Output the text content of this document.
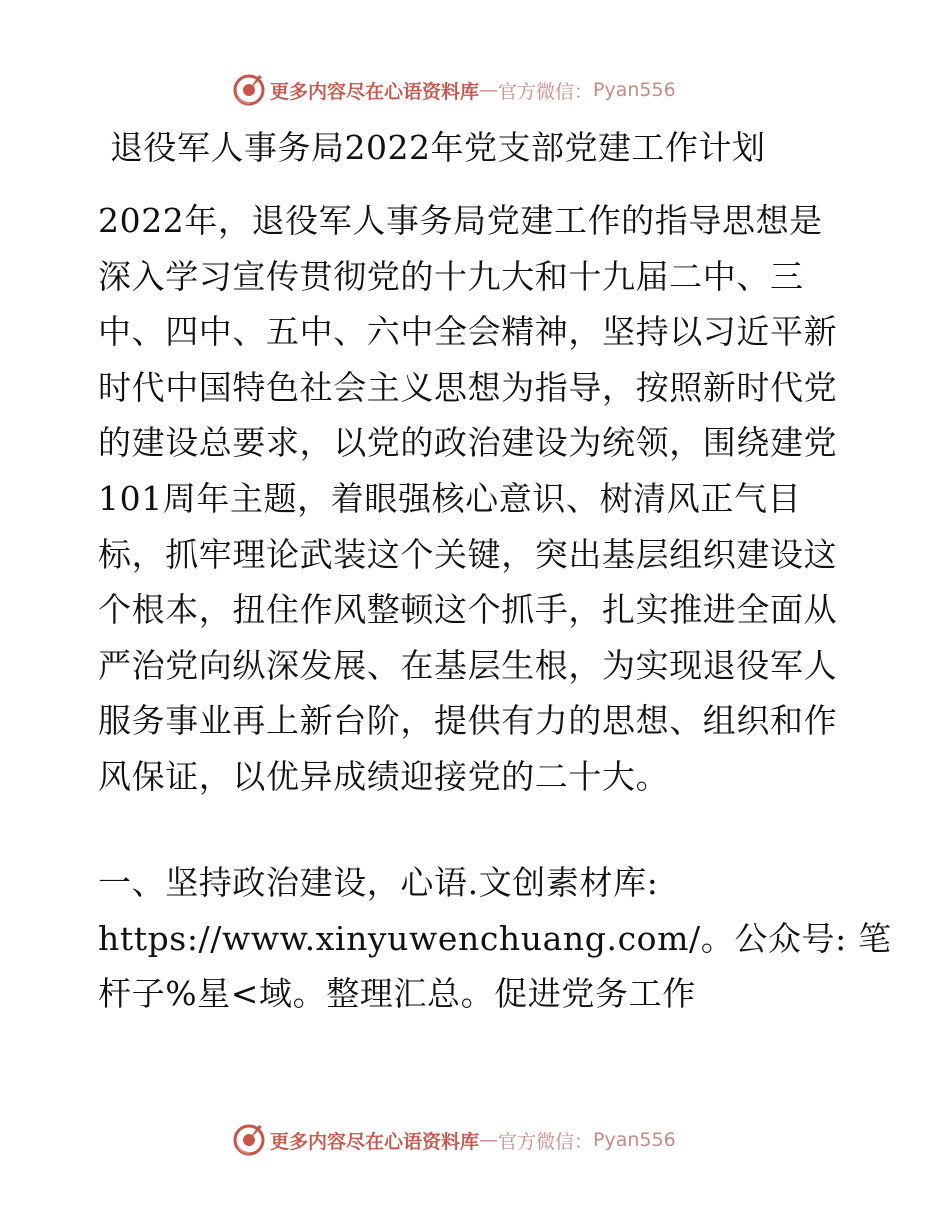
更多内容尽在心语资料库 — 官方微信： Pyan556
退役军人事务局2022年党支部党建工作计划
2022年，退役军人事务局党建工作的指导思想是
深入学习宣传贯彻党的十九大和十九届二中、三
中、四中、五中、六中全会精神，坚持以习近平新
时代中国特色社会主义思想为指导，按照新时代党
的建设总要求，以党的政治建设为统领，围绕建党
101周年主题，着眼强核心意识、树清风正气目
标，抓牢理论武装这个关键，突出基层组织建设这
个根本，扭住作风整顿这个抓手，扎实推进全面从
严治党向纵深发展、在基层生根，为实现退役军人
服务事业再上新台阶，提供有力的思想、组织和作
风保证，以优异成绩迎接党的二十大。
一、坚持政治建设，心语.文创素材库:
https://www.xinyuwenchuang.com/。公众号: 笔
杆子%星<域。整理汇总。促进党务工作
更多内容尽在心语资料库 — 官方微信： Pyan556
